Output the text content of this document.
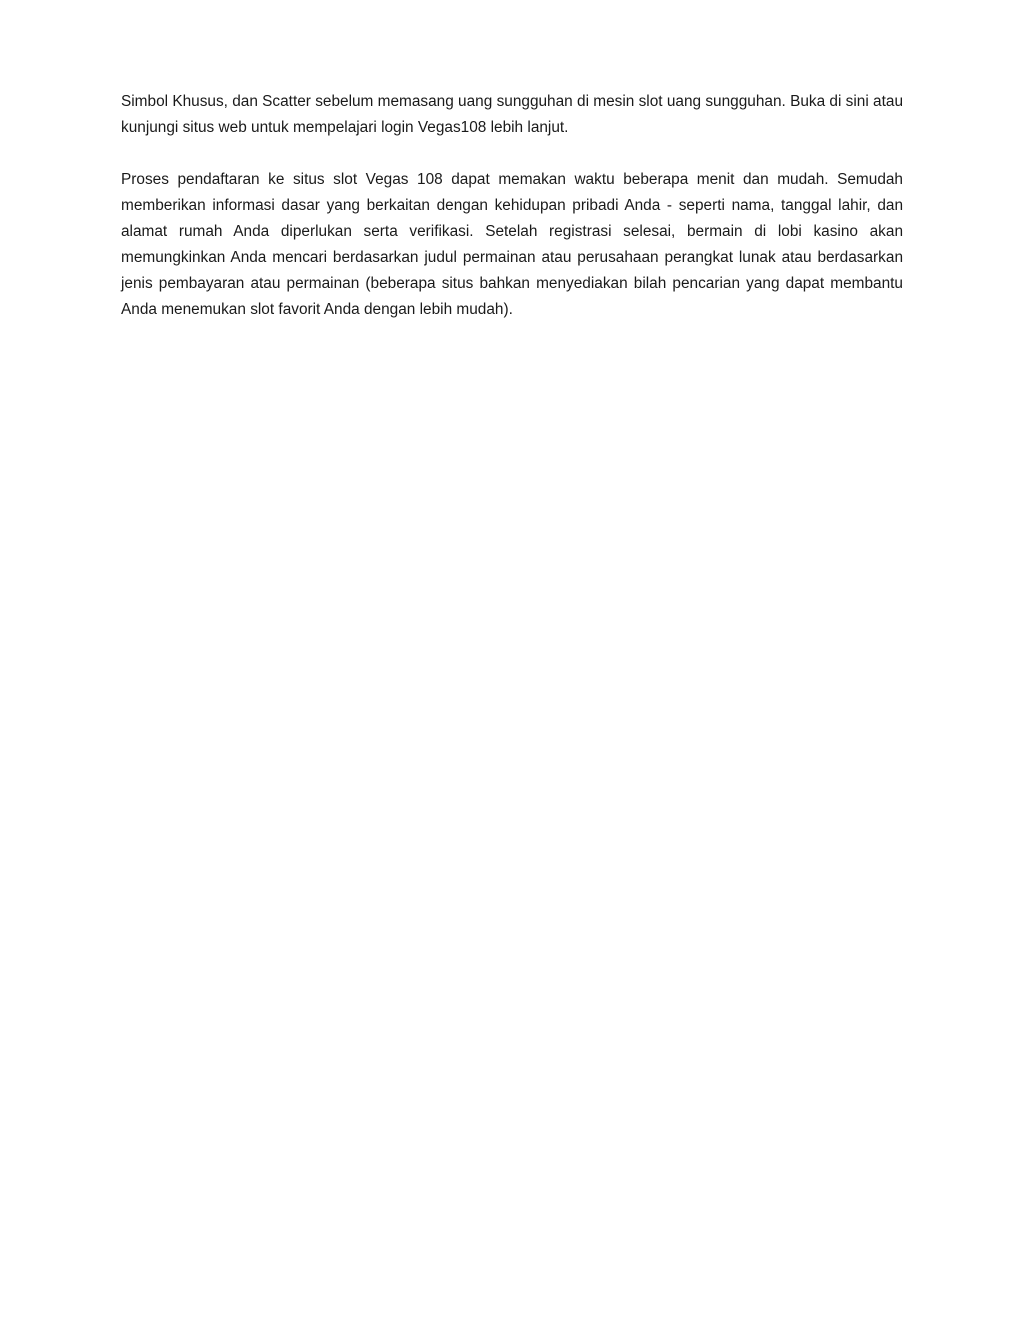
Simbol Khusus, dan Scatter sebelum memasang uang sungguhan di mesin slot uang sungguhan. Buka di sini atau kunjungi situs web untuk mempelajari login Vegas108 lebih lanjut.

Proses pendaftaran ke situs slot Vegas 108 dapat memakan waktu beberapa menit dan mudah. Semudah memberikan informasi dasar yang berkaitan dengan kehidupan pribadi Anda - seperti nama, tanggal lahir, dan alamat rumah Anda diperlukan serta verifikasi. Setelah registrasi selesai, bermain di lobi kasino akan memungkinkan Anda mencari berdasarkan judul permainan atau perusahaan perangkat lunak atau berdasarkan jenis pembayaran atau permainan (beberapa situs bahkan menyediakan bilah pencarian yang dapat membantu Anda menemukan slot favorit Anda dengan lebih mudah).
